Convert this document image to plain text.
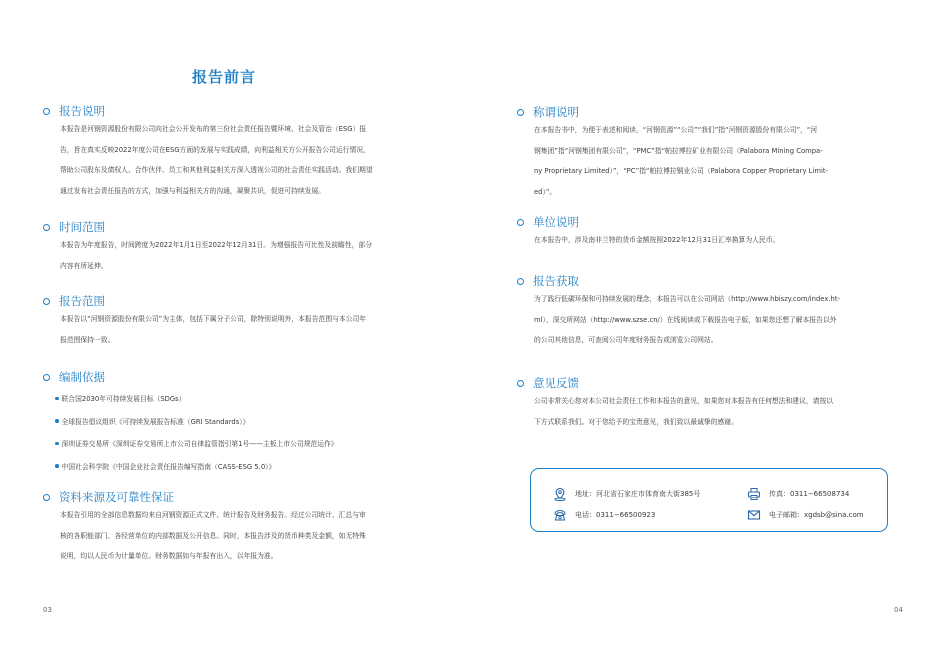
报告前言
报告说明

本报告是河钢资源股份有限公司向社会公开发布的第三份社会责任报告暨环境、社会及管治（ESG）报

告，旨在真实反映2022年度公司在ESG方面的发展与实践成绩，向利益相关方公开报告公司运行情况，

帮助公司股东及债权人、合作伙伴、员工和其他利益相关方深入透视公司的社会责任实践活动。我们期望

通过发布社会责任报告的方式，加强与利益相关方的沟通，凝聚共识，促进可持续发展。

时间范围

本报告为年度报告，时间跨度为2022年1月1日至2022年12月31日。为增强报告可比性及前瞻性，部分

内容有所延伸。

报告范围

本报告以“河钢资源股份有限公司”为主体，包括下属分子公司，除特别说明外，本报告范围与本公司年

报范围保持一致。

编制依据
联合国2030年可持续发展目标（SDGs）
全球报告倡议组织《可持续发展报告标准（GRI Standards）》
深圳证券交易所《深圳证券交易所上市公司自律监管指引第1号——主板上市公司规范运作》
中国社会科学院《中国企业社会责任报告编写指南（CASS-ESG 5.0）》
资料来源及可靠性保证

本报告引用的全部信息数据均来自河钢资源正式文件、统计报告及财务报告。经过公司统计、汇总与审

核的各职能部门、各经营单位的内部数据及公开信息。同时，本报告涉及的货币种类及金额，如无特殊

说明，均以人民币为计量单位。财务数据如与年报有出入，以年报为准。

称谓说明

在本报告书中，为便于表述和阅读，“河钢资源”“公司”“我们”指“河钢资源股份有限公司”，“河

钢集团”指“河钢集团有限公司”，“PMC”指“帕拉博拉矿业有限公司（Palabora Mining Compa-

ny Proprietary Limited）”，“PC”指“帕拉博拉铜业公司（Palabora Copper Proprietary Limit-

ed）”。

单位说明

在本报告中，涉及南非兰特的货币金额按照2022年12月31日汇率换算为人民币。

报告获取

为了践行低碳环保和可持续发展的理念，本报告可以在公司网站（http://www.hbiszy.com/index.ht-

ml）、深交所网站（http://www.szse.cn/）在线阅读或下载报告电子版，如果您还想了解本报告以外

的公司其他信息，可查阅公司年度财务报告或浏览公司网站。

意见反馈

公司非常关心您对本公司社会责任工作和本报告的意见，如果您对本报告有任何想法和建议，请按以

下方式联系我们。对于您给予的宝贵意见，我们致以最诚挚的感谢。

地址：河北省石家庄市体育南大街385号	传真：0311−66508734
电话：0311−66500923	电子邮箱：xgdsb@sina.com
03	04
